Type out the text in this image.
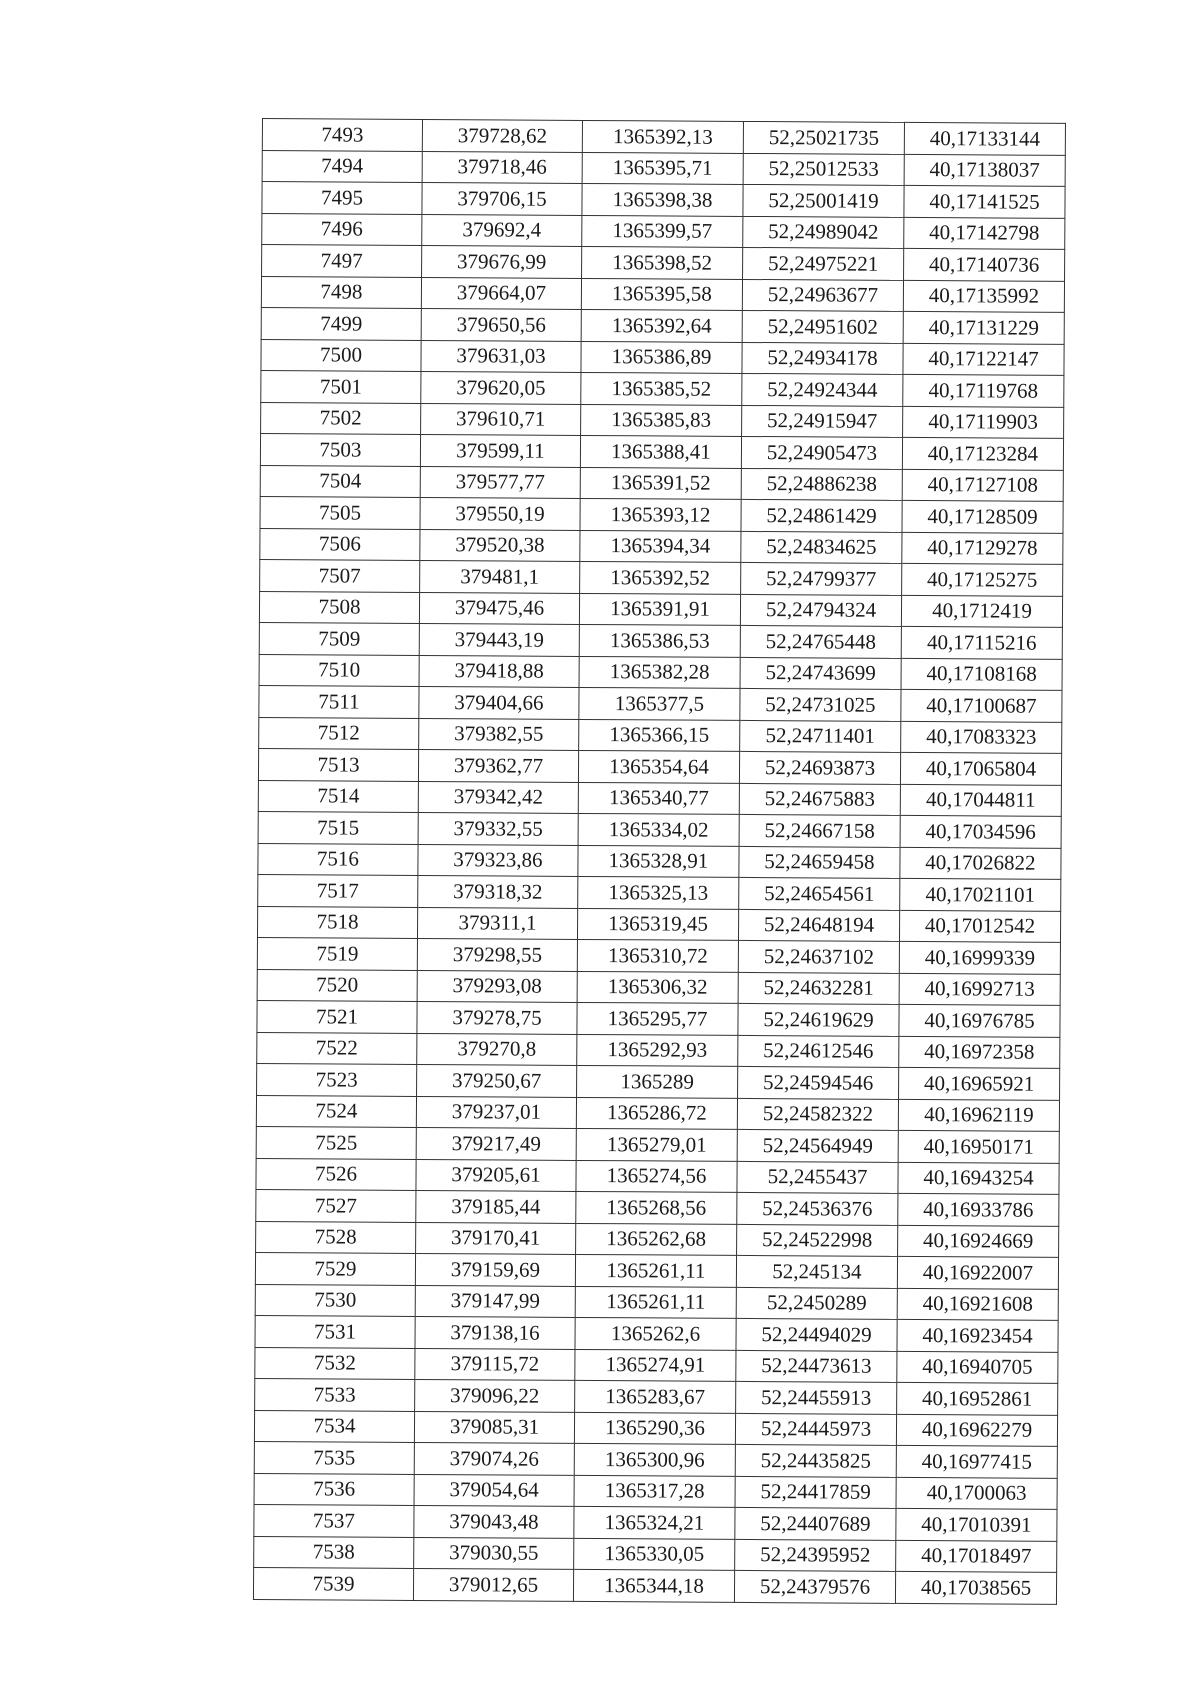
7493	379728,62	1365392,13	52,25021735	40,17133144
7494	379718,46	1365395,71	52,25012533	40,17138037
7495	379706,15	1365398,38	52,25001419	40,17141525
7496	379692,4	1365399,57	52,24989042	40,17142798
7497	379676,99	1365398,52	52,24975221	40,17140736
7498	379664,07	1365395,58	52,24963677	40,17135992
7499	379650,56	1365392,64	52,24951602	40,17131229
7500	379631,03	1365386,89	52,24934178	40,17122147
7501	379620,05	1365385,52	52,24924344	40,17119768
7502	379610,71	1365385,83	52,24915947	40,17119903
7503	379599,11	1365388,41	52,24905473	40,17123284
7504	379577,77	1365391,52	52,24886238	40,17127108
7505	379550,19	1365393,12	52,24861429	40,17128509
7506	379520,38	1365394,34	52,24834625	40,17129278
7507	379481,1	1365392,52	52,24799377	40,17125275
7508	379475,46	1365391,91	52,24794324	40,1712419
7509	379443,19	1365386,53	52,24765448	40,17115216
7510	379418,88	1365382,28	52,24743699	40,17108168
7511	379404,66	1365377,5	52,24731025	40,17100687
7512	379382,55	1365366,15	52,24711401	40,17083323
7513	379362,77	1365354,64	52,24693873	40,17065804
7514	379342,42	1365340,77	52,24675883	40,17044811
7515	379332,55	1365334,02	52,24667158	40,17034596
7516	379323,86	1365328,91	52,24659458	40,17026822
7517	379318,32	1365325,13	52,24654561	40,17021101
7518	379311,1	1365319,45	52,24648194	40,17012542
7519	379298,55	1365310,72	52,24637102	40,16999339
7520	379293,08	1365306,32	52,24632281	40,16992713
7521	379278,75	1365295,77	52,24619629	40,16976785
7522	379270,8	1365292,93	52,24612546	40,16972358
7523	379250,67	1365289	52,24594546	40,16965921
7524	379237,01	1365286,72	52,24582322	40,16962119
7525	379217,49	1365279,01	52,24564949	40,16950171
7526	379205,61	1365274,56	52,2455437	40,16943254
7527	379185,44	1365268,56	52,24536376	40,16933786
7528	379170,41	1365262,68	52,24522998	40,16924669
7529	379159,69	1365261,11	52,245134	40,16922007
7530	379147,99	1365261,11	52,2450289	40,16921608
7531	379138,16	1365262,6	52,24494029	40,16923454
7532	379115,72	1365274,91	52,24473613	40,16940705
7533	379096,22	1365283,67	52,24455913	40,16952861
7534	379085,31	1365290,36	52,24445973	40,16962279
7535	379074,26	1365300,96	52,24435825	40,16977415
7536	379054,64	1365317,28	52,24417859	40,1700063
7537	379043,48	1365324,21	52,24407689	40,17010391
7538	379030,55	1365330,05	52,24395952	40,17018497
7539	379012,65	1365344,18	52,24379576	40,17038565
